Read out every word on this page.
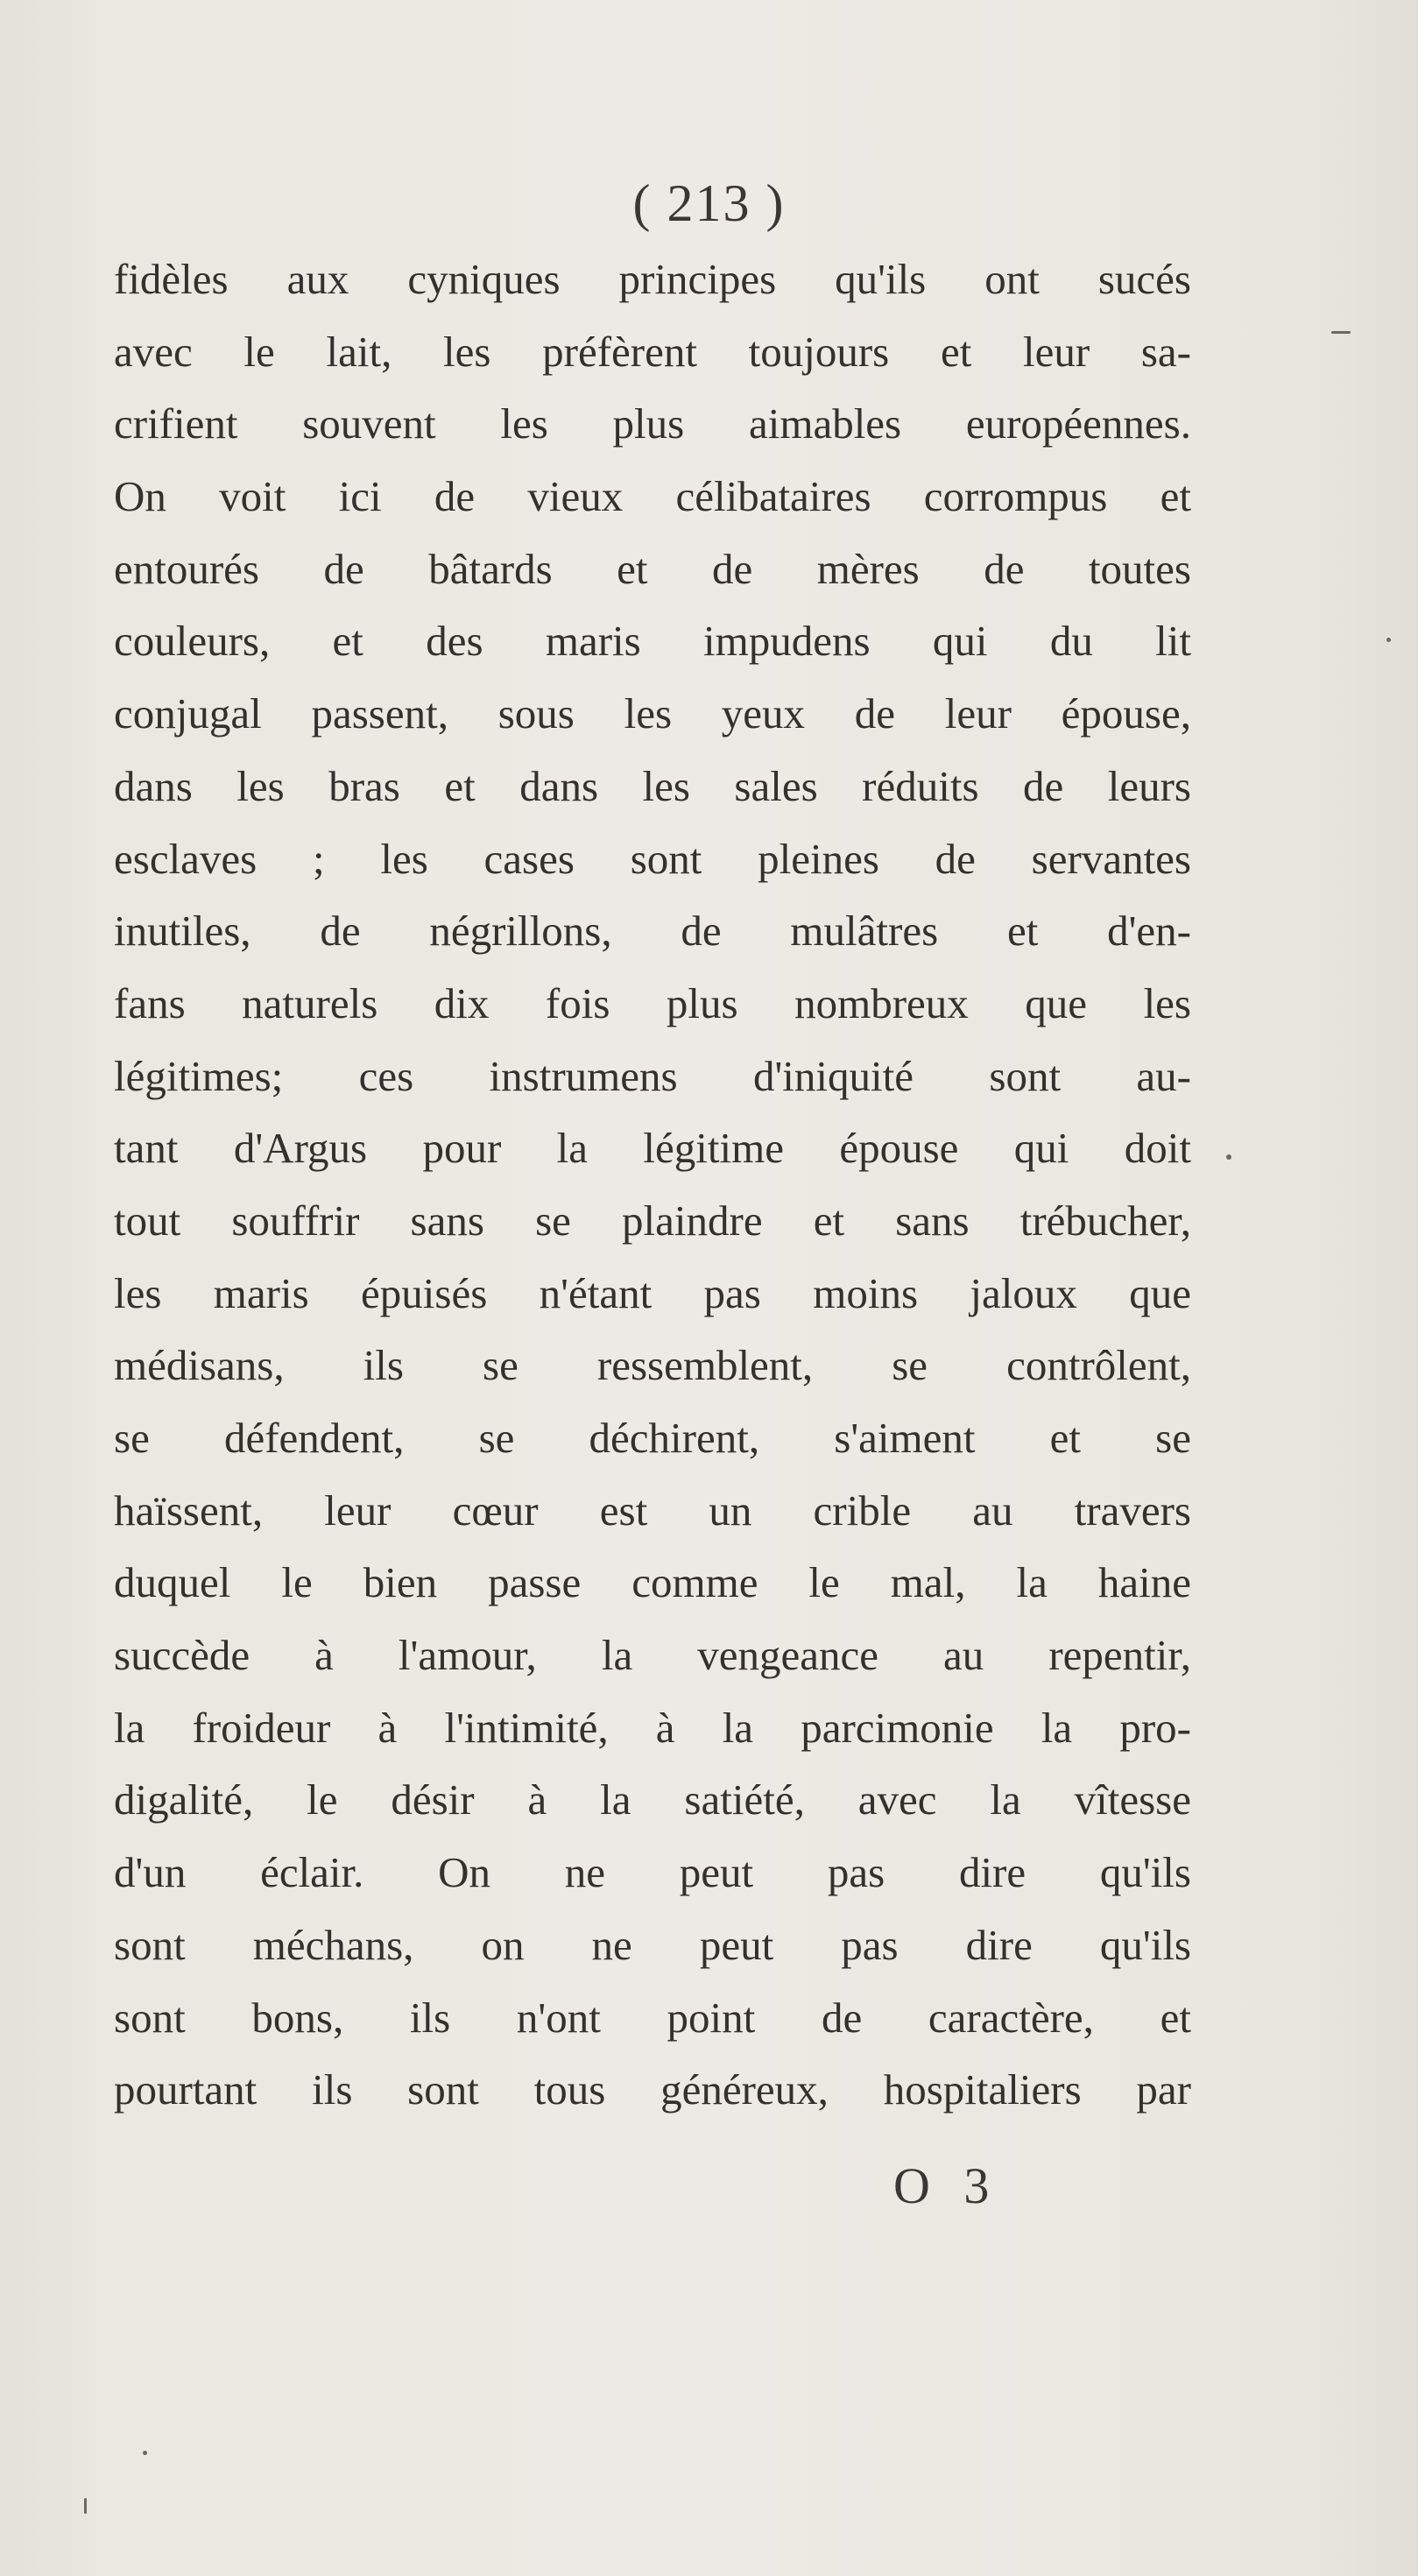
( 213 )
fidèles aux cyniques principes qu'ils ont sucés
avec le lait, les préfèrent toujours et leur sa-
crifient souvent les plus aimables européennes.
On voit ici de vieux célibataires corrompus et
entourés de bâtards et de mères de toutes
couleurs, et des maris impudens qui du lit
conjugal passent, sous les yeux de leur épouse,
dans les bras et dans les sales réduits de leurs
esclaves ; les cases sont pleines de servantes
inutiles, de négrillons, de mulâtres et d'en-
fans naturels dix fois plus nombreux que les
légitimes; ces instrumens d'iniquité sont au-
tant d'Argus pour la légitime épouse qui doit
tout souffrir sans se plaindre et sans trébucher,
les maris épuisés n'étant pas moins jaloux que
médisans, ils se ressemblent, se contrôlent,
se défendent, se déchirent, s'aiment et se
haïssent, leur cœur est un crible au travers
duquel le bien passe comme le mal, la haine
succède à l'amour, la vengeance au repentir,
la froideur à l'intimité, à la parcimonie la pro-
digalité, le désir à la satiété, avec la vîtesse
d'un éclair. On ne peut pas dire qu'ils
sont méchans, on ne peut pas dire qu'ils
sont bons, ils n'ont point de caractère, et
pourtant ils sont tous généreux, hospitaliers par
O 3
